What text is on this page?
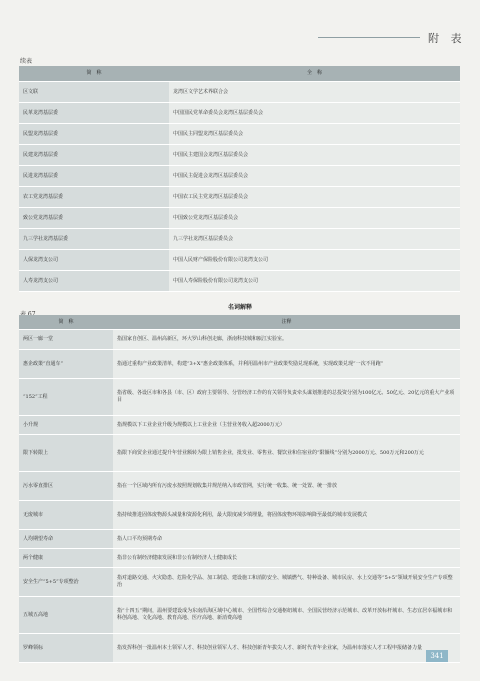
附 表
续表
简　称	全　称
区文联	龙湾区文学艺术界联合会
民革龙湾基层委	中国国民党革命委员会龙湾区基层委员会
民盟龙湾基层委	中国民主同盟龙湾区基层委员会
民建龙湾基层委	中国民主建国会龙湾区基层委员会
民进龙湾基层委	中国民主促进会龙湾区基层委员会
农工党龙湾基层委	中国农工民主党龙湾区基层委员会
致公党龙湾基层委	中国致公党龙湾区基层委员会
九三学社龙湾基层委	九三学社龙湾区基层委员会
人保龙湾支公司	中国人民财产保险股份有限公司龙湾支公司
人寿龙湾支公司	中国人寿保险股份有限公司龙湾支公司
名词解释
简　称	注释
两区一廊一堂	指国家自创区、温州高新区，环大罗山科创走廊，浙南科技城和瓯江实验室。
惠企政策“直通车”	指通过重构产业政策清单，构建“3+X”惠企政策体系，并利用温州市产业政策奖励兑现系统，实现政策兑现“一次不用跑”
“152”工程	指省级、各设区市和各县（市、区）政府主要领导、分管经济工作的有关领导负责牵头谋划推进的总投资分别为100亿元、50亿元、20亿元的重大产业项目
小升规	指规模以下工业企业升级为规模以上工业企业（主营业务收入超2000万元）
限下转限上	指限下商贸企业通过提升年营业额转为限上销售企业，批发业、零售业、餐饮业和住宿业的“限额线”分别为2000万元、500万元和200万元
污水零直排区	指在一个区域内所有污废水按照规划收集并规范纳入市政管网，实行统一收集、统一处置、统一排放
无废城市	指持续推进固体废物源头减量和资源化利用，最大限度减少填埋量，将固体废物环境影响降至最低的城市发展模式
人均期望寿命	指人口平均预期寿命
两个健康	指非公有制经济健康发展和非公有制经济人士健康成长
安全生产“5+5”专项整治	指对道路交通、火灾隐患、危险化学品、加工制造、建设施工和消防安全、城镇燃气、特种设备、城市民房、水上交通等“5+5”领域开展安全生产专项整治
五城五高地	指“十四五”期间，温州要建设成为东南沿海区域中心城市、全国性综合交通枢纽城市、全国民营经济示范城市、改革开放标杆城市、生态宜居幸福城市和科创高地、文化高地、教育高地、医疗高地、新消费高地
罗峰领标	指发挥科创一批温州本土领军人才、科技创业领军人才、科技创新青年拔尖人才、新时代青年企业家，为温州市落实人才工程申报储备力量
341
